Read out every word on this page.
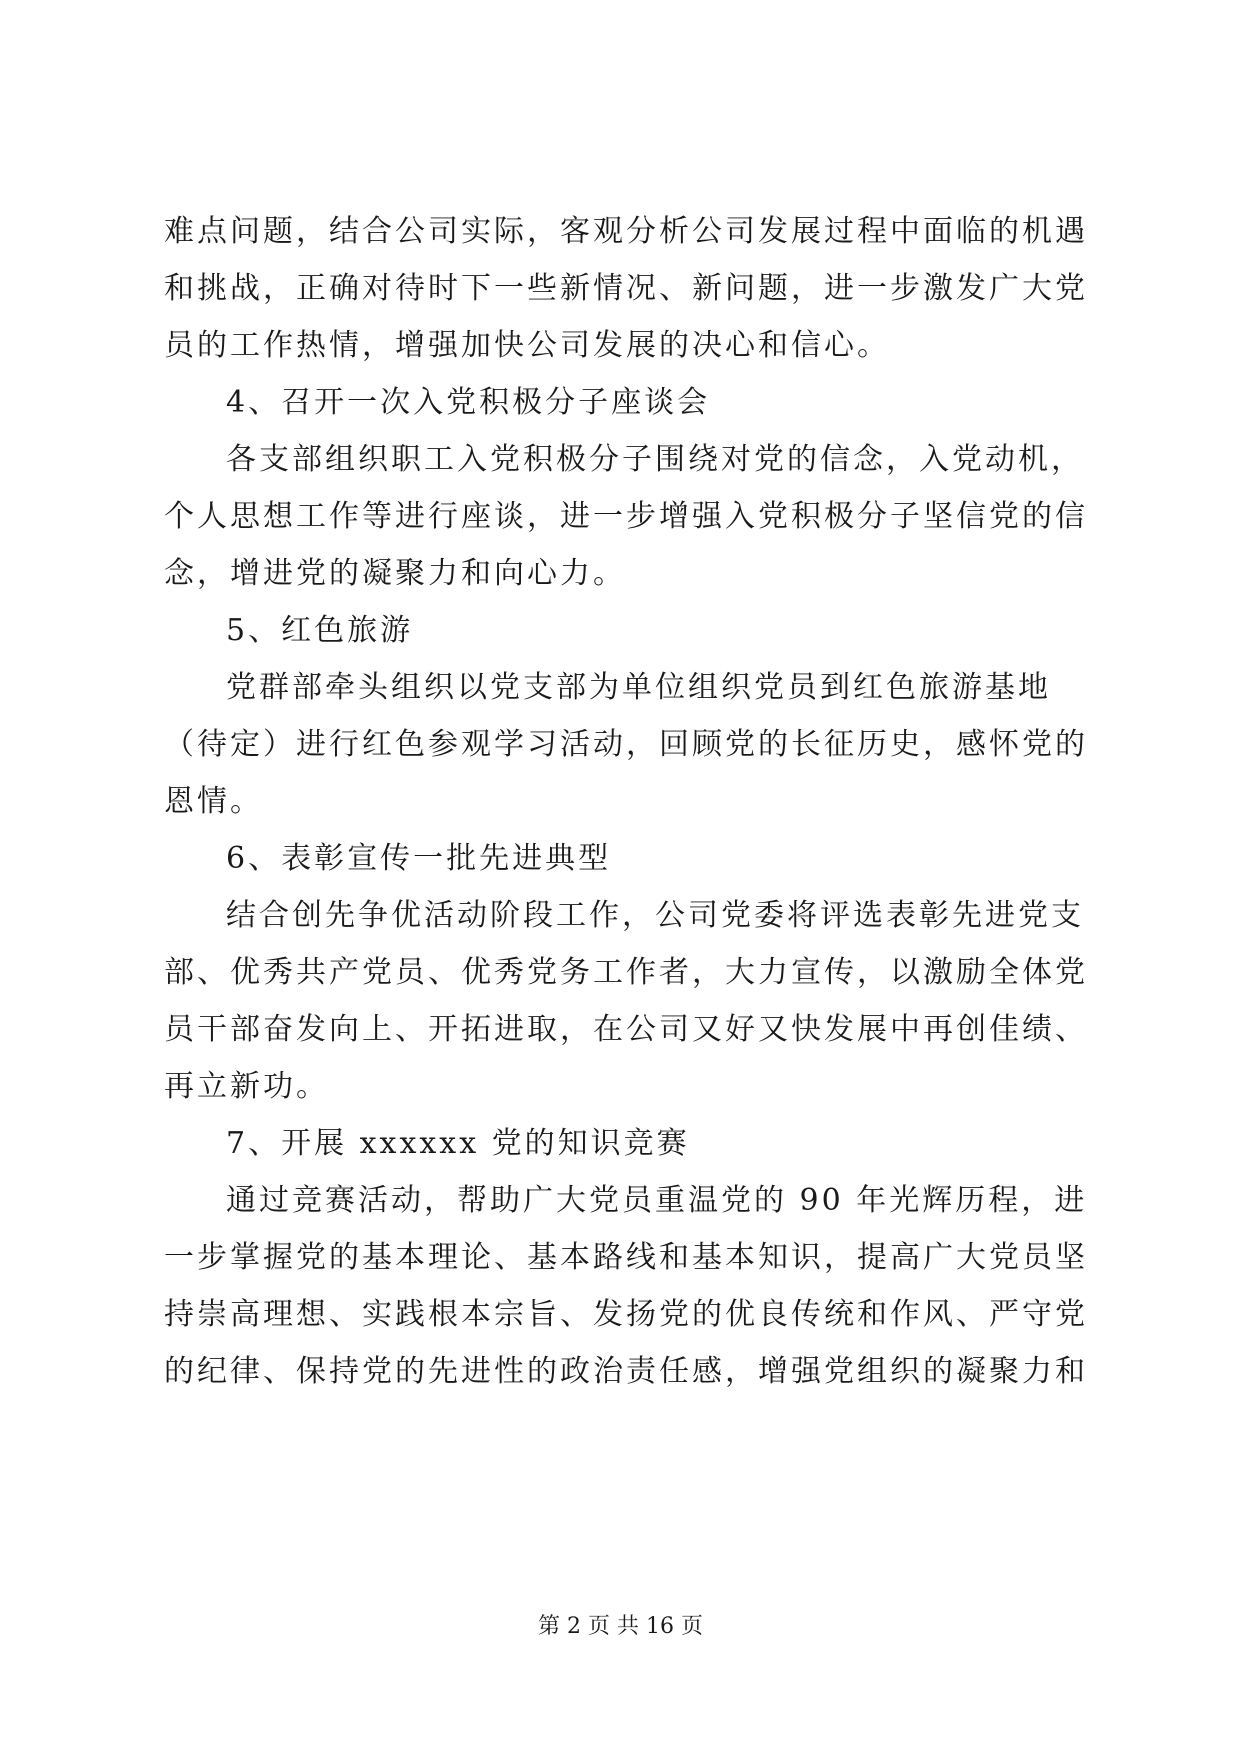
难点问题，结合公司实际，客观分析公司发展过程中面临的机遇
和挑战，正确对待时下一些新情况、新问题，进一步激发广大党
员的工作热情，增强加快公司发展的决心和信心。
4、召开一次入党积极分子座谈会
各支部组织职工入党积极分子围绕对党的信念，入党动机，
个人思想工作等进行座谈，进一步增强入党积极分子坚信党的信
念，增进党的凝聚力和向心力。
5、红色旅游
党群部牵头组织以党支部为单位组织党员到红色旅游基地
（待定）进行红色参观学习活动，回顾党的长征历史，感怀党的
恩情。
6、表彰宣传一批先进典型
结合创先争优活动阶段工作，公司党委将评选表彰先进党支
部、优秀共产党员、优秀党务工作者，大力宣传，以激励全体党
员干部奋发向上、开拓进取，在公司又好又快发展中再创佳绩、
再立新功。
7、开展 xxxxxx 党的知识竞赛
通过竞赛活动，帮助广大党员重温党的 90 年光辉历程，进
一步掌握党的基本理论、基本路线和基本知识，提高广大党员坚
持崇高理想、实践根本宗旨、发扬党的优良传统和作风、严守党
的纪律、保持党的先进性的政治责任感，增强党组织的凝聚力和
第 2 页 共 16 页
